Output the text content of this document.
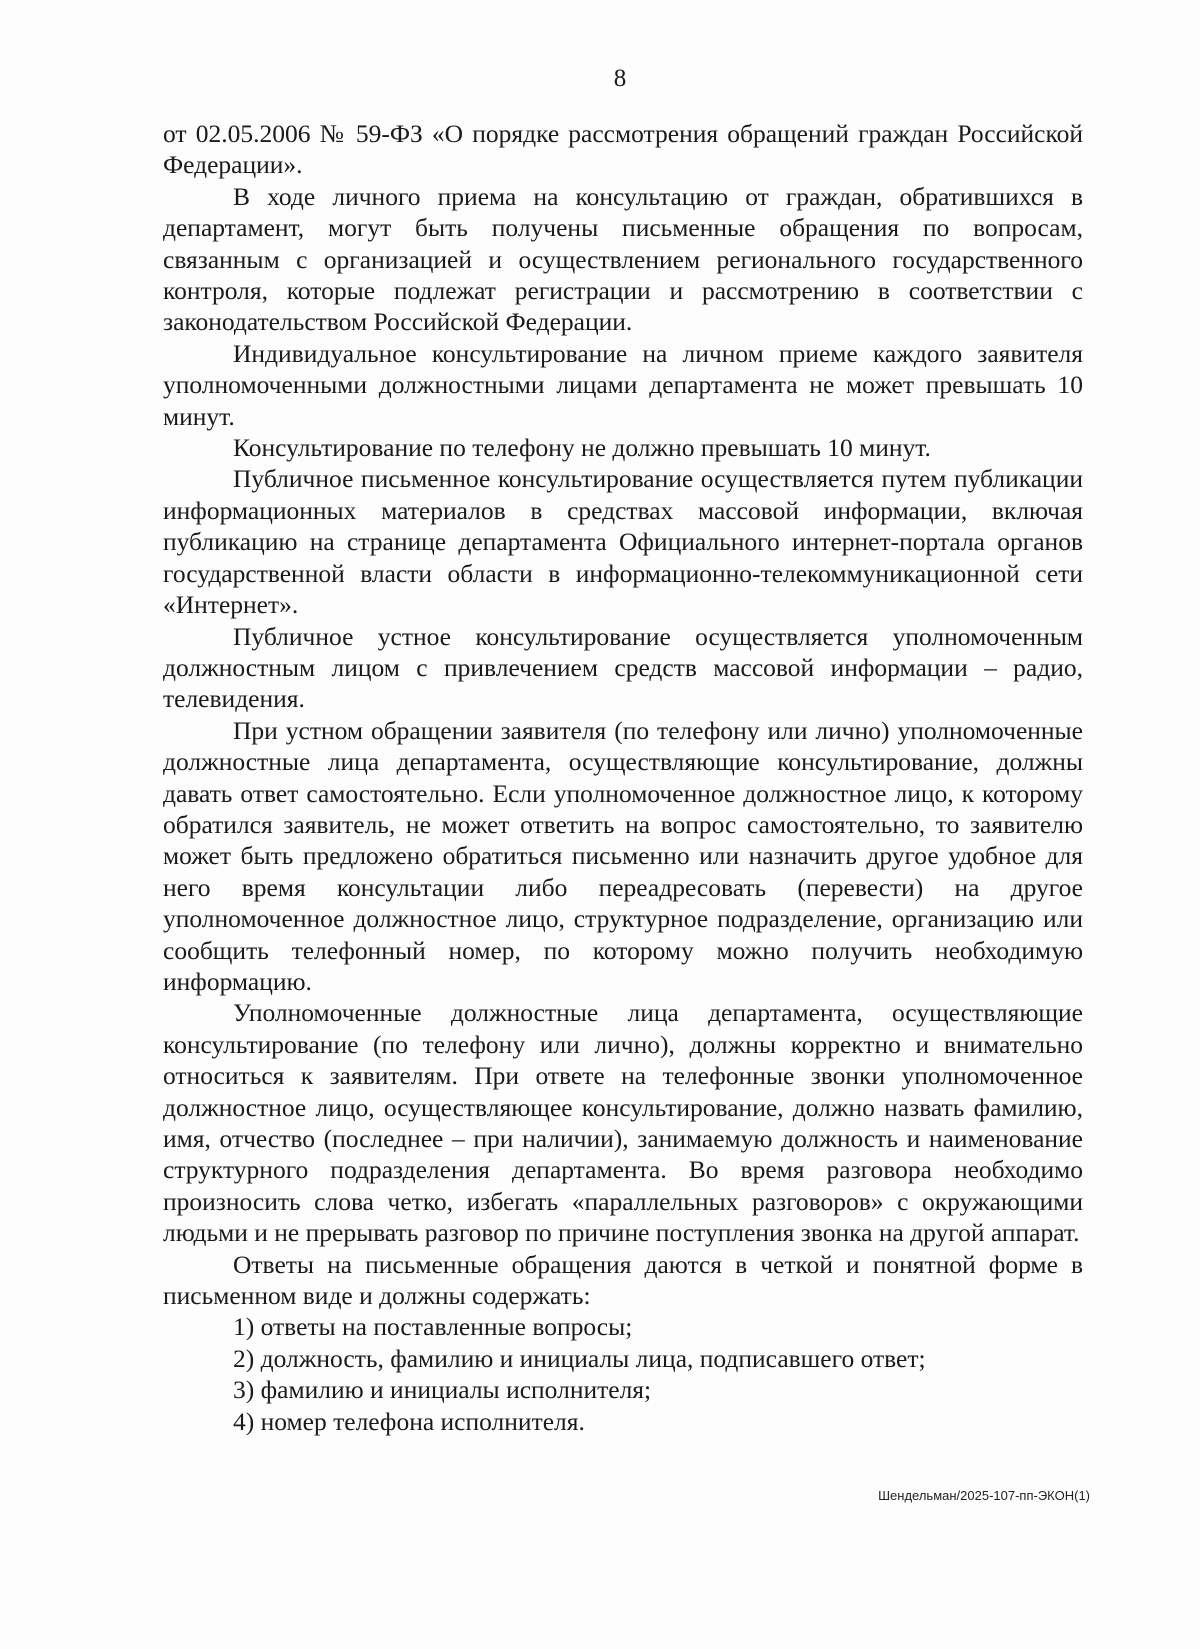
8

от 02.05.2006 № 59-ФЗ «О порядке рассмотрения обращений граждан Российской Федерации».

В ходе личного приема на консультацию от граждан, обратившихся в департамент, могут быть получены письменные обращения по вопросам, связанным с организацией и осуществлением регионального государственного контроля, которые подлежат регистрации и рассмотрению в соответствии с законодательством Российской Федерации.

Индивидуальное консультирование на личном приеме каждого заявителя уполномоченными должностными лицами департамента не может превышать 10 минут.

Консультирование по телефону не должно превышать 10 минут.

Публичное письменное консультирование осуществляется путем публикации информационных материалов в средствах массовой информации, включая публикацию на странице департамента Официального интернет-портала органов государственной власти области в информационно-телекоммуникационной сети «Интернет».

Публичное устное консультирование осуществляется уполномоченным должностным лицом с привлечением средств массовой информации – радио, телевидения.

При устном обращении заявителя (по телефону или лично) уполномоченные должностные лица департамента, осуществляющие консультирование, должны давать ответ самостоятельно. Если уполномоченное должностное лицо, к которому обратился заявитель, не может ответить на вопрос самостоятельно, то заявителю может быть предложено обратиться письменно или назначить другое удобное для него время консультации либо переадресовать (перевести) на другое уполномоченное должностное лицо, структурное подразделение, организацию или сообщить телефонный номер, по которому можно получить необходимую информацию.

Уполномоченные должностные лица департамента, осуществляющие консультирование (по телефону или лично), должны корректно и внимательно относиться к заявителям. При ответе на телефонные звонки уполномоченное должностное лицо, осуществляющее консультирование, должно назвать фамилию, имя, отчество (последнее – при наличии), занимаемую должность и наименование структурного подразделения департамента. Во время разговора необходимо произносить слова четко, избегать «параллельных разговоров» с окружающими людьми и не прерывать разговор по причине поступления звонка на другой аппарат.

Ответы на письменные обращения даются в четкой и понятной форме в письменном виде и должны содержать:

1) ответы на поставленные вопросы;

2) должность, фамилию и инициалы лица, подписавшего ответ;

3) фамилию и инициалы исполнителя;

4) номер телефона исполнителя.

Шендельман/2025-107-пп-ЭКОН(1)
